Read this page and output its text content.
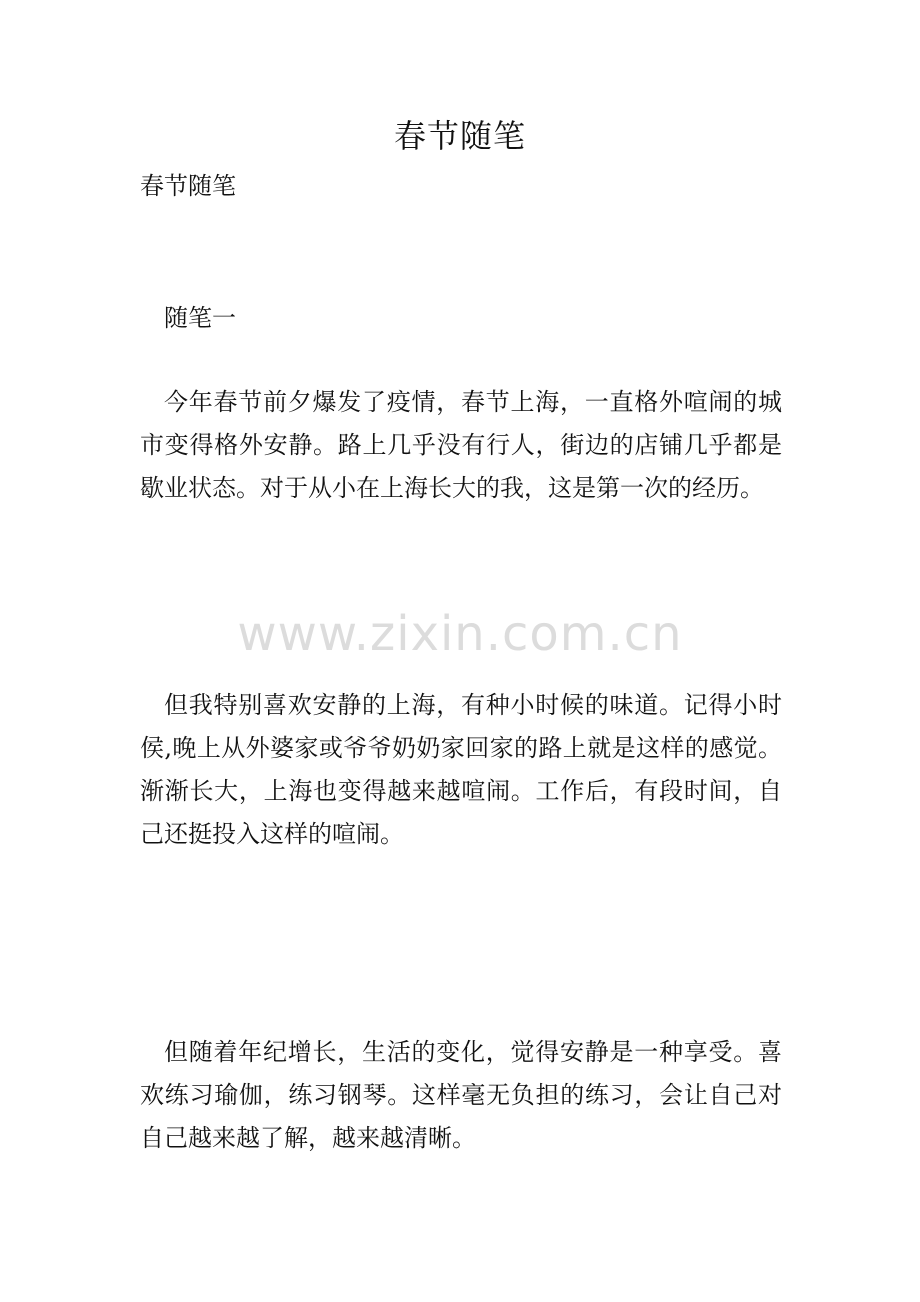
春节随笔
春节随笔
随笔一
今年春节前夕爆发了疫情，春节上海，一直格外喧闹的城市变得格外安静。路上几乎没有行人，街边的店铺几乎都是歇业状态。对于从小在上海长大的我，这是第一次的经历。
www.zixin.com.cn
但我特别喜欢安静的上海，有种小时候的味道。记得小时侯,晚上从外婆家或爷爷奶奶家回家的路上就是这样的感觉。渐渐长大，上海也变得越来越喧闹。工作后，有段时间，自己还挺投入这样的喧闹。
但随着年纪增长，生活的变化，觉得安静是一种享受。喜欢练习瑜伽，练习钢琴。这样毫无负担的练习，会让自己对自己越来越了解，越来越清晰。
